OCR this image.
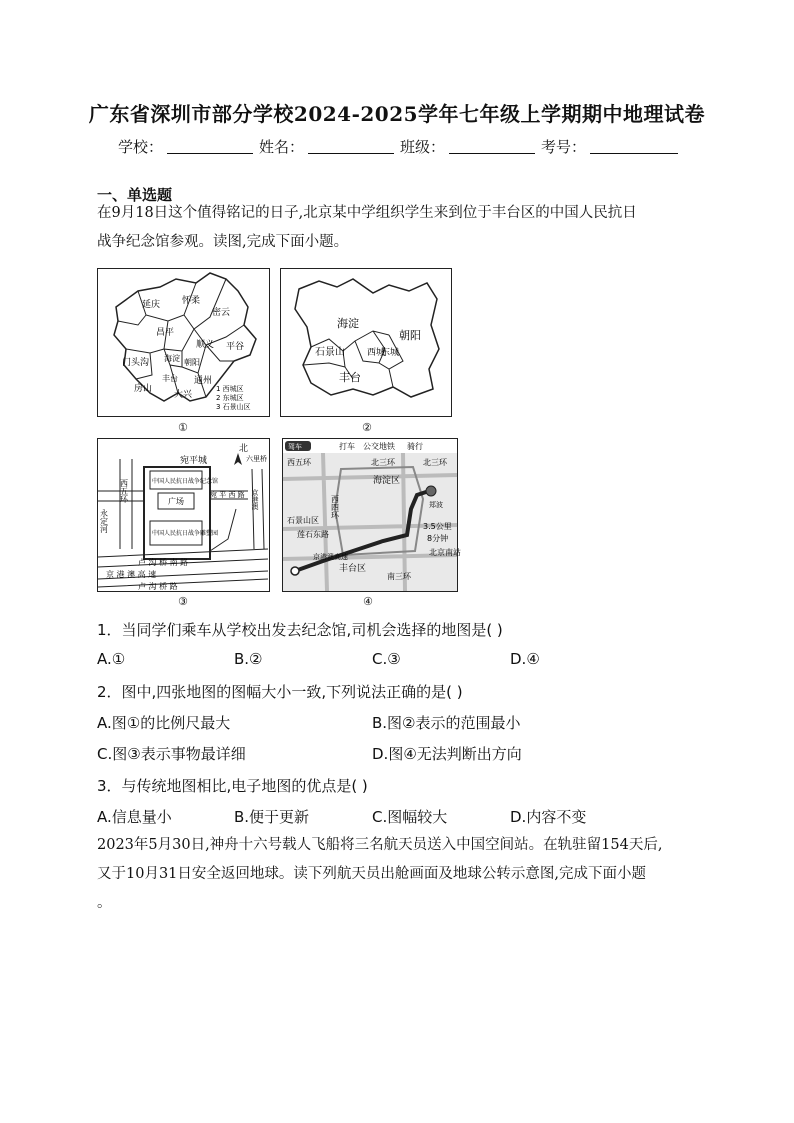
广东省深圳市部分学校2024-2025学年七年级上学期期中地理试卷
学校：	姓名：	班级：	考号：
一、单选题
在9月18日这个值得铭记的日子,北京某中学组织学生来到位于丰台区的中国人民抗日
战争纪念馆参观。读图,完成下面小题。
延庆 怀柔
密云
昌平
顺义 平谷
门头沟 海淀 朝阳
房山
丰台 通州
大兴
1 西城区
2 东城区
3 石景山区
①
海淀
朝阳
石景山 西城
东城
丰台
②
北
宛平城	六里桥
中国人民抗日战争纪念馆
广场
中国人民抗日战争雕塑园
宛 平 西 路
卢 沟 桥 南 路
京 港 澳 高 速
卢 沟 桥 路
永定河
西五环	京港澳
③
驾车	打车 公交地铁 骑行
西五环	北三环	北三环
海淀区
西四环
石景山区
莲石东路
京港澳高速
丰台区
南三环
北京南站
3.5公里
8分钟
郑波
④
1．当同学们乘车从学校出发去纪念馆,司机会选择的地图是( )
A.①	B.②	C.③	D.④
2．图中,四张地图的图幅大小一致,下列说法正确的是( )
A.图①的比例尺最大	B.图②表示的范围最小
C.图③表示事物最详细	D.图④无法判断出方向
3．与传统地图相比,电子地图的优点是( )
A.信息量小	B.便于更新	C.图幅较大	D.内容不变
2023年5月30日,神舟十六号载人飞船将三名航天员送入中国空间站。在轨驻留154天后,
又于10月31日安全返回地球。读下列航天员出舱画面及地球公转示意图,完成下面小题
。
